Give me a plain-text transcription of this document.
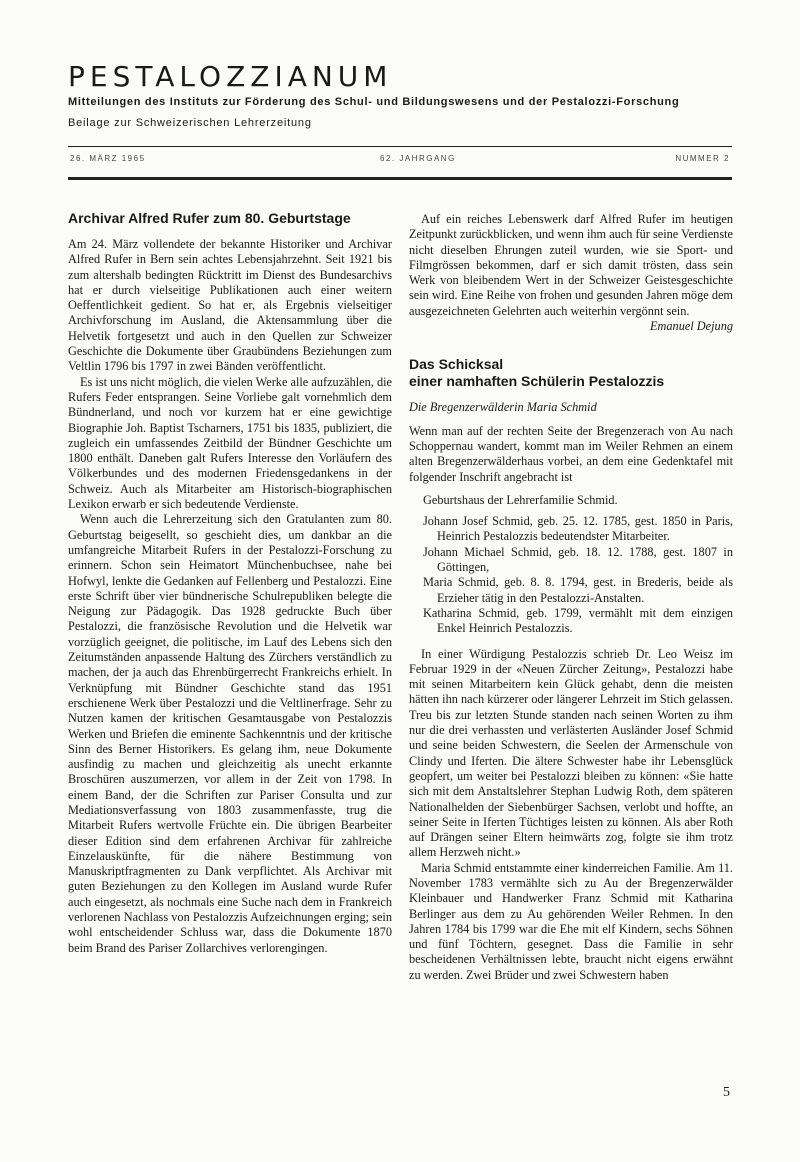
PESTALOZZIANUM
Mitteilungen des Instituts zur Förderung des Schul- und Bildungswesens und der Pestalozzi-Forschung
Beilage zur Schweizerischen Lehrerzeitung
26. MÄRZ 1965	62. JAHRGANG	NUMMER 2
Archivar Alfred Rufer zum 80. Geburtstage

Am 24. März vollendete der bekannte Historiker und Archivar Alfred Rufer in Bern sein achtes Lebensjahrzehnt. Seit 1921 bis zum altershalb bedingten Rücktritt im Dienst des Bundesarchivs hat er durch vielseitige Publikationen auch einer weitern Oeffentlichkeit gedient. So hat er, als Ergebnis vielseitiger Archivforschung im Ausland, die Aktensammlung über die Helvetik fortgesetzt und auch in den Quellen zur Schweizer Geschichte die Dokumente über Graubündens Beziehungen zum Veltlin 1796 bis 1797 in zwei Bänden veröffentlicht.

Es ist uns nicht möglich, die vielen Werke alle aufzuzählen, die Rufers Feder entsprangen. Seine Vorliebe galt vornehmlich dem Bündnerland, und noch vor kurzem hat er eine gewichtige Biographie Joh. Baptist Tscharners, 1751 bis 1835, publiziert, die zugleich ein umfassendes Zeitbild der Bündner Geschichte um 1800 enthält. Daneben galt Rufers Interesse den Vorläufern des Völkerbundes und des modernen Friedensgedankens in der Schweiz. Auch als Mitarbeiter am Historisch-biographischen Lexikon erwarb er sich bedeutende Verdienste.

Wenn auch die Lehrerzeitung sich den Gratulanten zum 80. Geburtstag beigesellt, so geschieht dies, um dankbar an die umfangreiche Mitarbeit Rufers in der Pestalozzi-Forschung zu erinnern. Schon sein Heimatort Münchenbuchsee, nahe bei Hofwyl, lenkte die Gedanken auf Fellenberg und Pestalozzi. Eine erste Schrift über vier bündnerische Schulrepubliken belegte die Neigung zur Pädagogik. Das 1928 gedruckte Buch über Pestalozzi, die französische Revolution und die Helvetik war vorzüglich geeignet, die politische, im Lauf des Lebens sich den Zeitumständen anpassende Haltung des Zürchers verständlich zu machen, der ja auch das Ehrenbürgerrecht Frankreichs erhielt. In Verknüpfung mit Bündner Geschichte stand das 1951 erschienene Werk über Pestalozzi und die Veltlinerfrage. Sehr zu Nutzen kamen der kritischen Gesamtausgabe von Pestalozzis Werken und Briefen die eminente Sachkenntnis und der kritische Sinn des Berner Historikers. Es gelang ihm, neue Dokumente ausfindig zu machen und gleichzeitig als unecht erkannte Broschüren auszumerzen, vor allem in der Zeit von 1798. In einem Band, der die Schriften zur Pariser Consulta und zur Mediationsverfassung von 1803 zusammenfasste, trug die Mitarbeit Rufers wertvolle Früchte ein. Die übrigen Bearbeiter dieser Edition sind dem erfahrenen Archivar für zahlreiche Einzelauskünfte, für die nähere Bestimmung von Manuskriptfragmenten zu Dank verpflichtet. Als Archivar mit guten Beziehungen zu den Kollegen im Ausland wurde Rufer auch eingesetzt, als nochmals eine Suche nach dem in Frankreich verlorenen Nachlass von Pestalozzis Aufzeichnungen erging; sein wohl entscheidender Schluss war, dass die Dokumente 1870 beim Brand des Pariser Zollarchives verlorengingen.

Auf ein reiches Lebenswerk darf Alfred Rufer im heutigen Zeitpunkt zurückblicken, und wenn ihm auch für seine Verdienste nicht dieselben Ehrungen zuteil wurden, wie sie Sport- und Filmgrössen bekommen, darf er sich damit trösten, dass sein Werk von bleibendem Wert in der Schweizer Geistesgeschichte sein wird. Eine Reihe von frohen und gesunden Jahren möge dem ausgezeichneten Gelehrten auch weiterhin vergönnt sein.

Emanuel Dejung
Das Schicksal
einer namhaften Schülerin Pestalozzis
Die Bregenzerwälderin Maria Schmid

Wenn man auf der rechten Seite der Bregenzerach von Au nach Schoppernau wandert, kommt man im Weiler Rehmen an einem alten Bregenzerwälderhaus vorbei, an dem eine Gedenktafel mit folgender Inschrift angebracht ist

Geburtshaus der Lehrerfamilie Schmid.
Johann Josef Schmid, geb. 25. 12. 1785, gest. 1850 in Paris, Heinrich Pestalozzis bedeutendster Mitarbeiter.
Johann Michael Schmid, geb. 18. 12. 1788, gest. 1807 in Göttingen,
Maria Schmid, geb. 8. 8. 1794, gest. in Brederis, beide als Erzieher tätig in den Pestalozzi-Anstalten.
Katharina Schmid, geb. 1799, vermählt mit dem einzigen Enkel Heinrich Pestalozzis.

In einer Würdigung Pestalozzis schrieb Dr. Leo Weisz im Februar 1929 in der «Neuen Zürcher Zeitung», Pestalozzi habe mit seinen Mitarbeitern kein Glück gehabt, denn die meisten hätten ihn nach kürzerer oder längerer Lehrzeit im Stich gelassen. Treu bis zur letzten Stunde standen nach seinen Worten zu ihm nur die drei verhassten und verlästerten Ausländer Josef Schmid und seine beiden Schwestern, die Seelen der Armenschule von Clindy und Iferten. Die ältere Schwester habe ihr Lebensglück geopfert, um weiter bei Pestalozzi bleiben zu können: «Sie hatte sich mit dem Anstaltslehrer Stephan Ludwig Roth, dem späteren Nationalhelden der Siebenbürger Sachsen, verlobt und hoffte, an seiner Seite in Iferten Tüchtiges leisten zu können. Als aber Roth auf Drängen seiner Eltern heimwärts zog, folgte sie ihm trotz allem Herzweh nicht.»

Maria Schmid entstammte einer kinderreichen Familie. Am 11. November 1783 vermählte sich zu Au der Bregenzerwälder Kleinbauer und Handwerker Franz Schmid mit Katharina Berlinger aus dem zu Au gehörenden Weiler Rehmen. In den Jahren 1784 bis 1799 war die Ehe mit elf Kindern, sechs Söhnen und fünf Töchtern, gesegnet. Dass die Familie in sehr bescheidenen Verhältnissen lebte, braucht nicht eigens erwähnt zu werden. Zwei Brüder und zwei Schwestern haben

5
